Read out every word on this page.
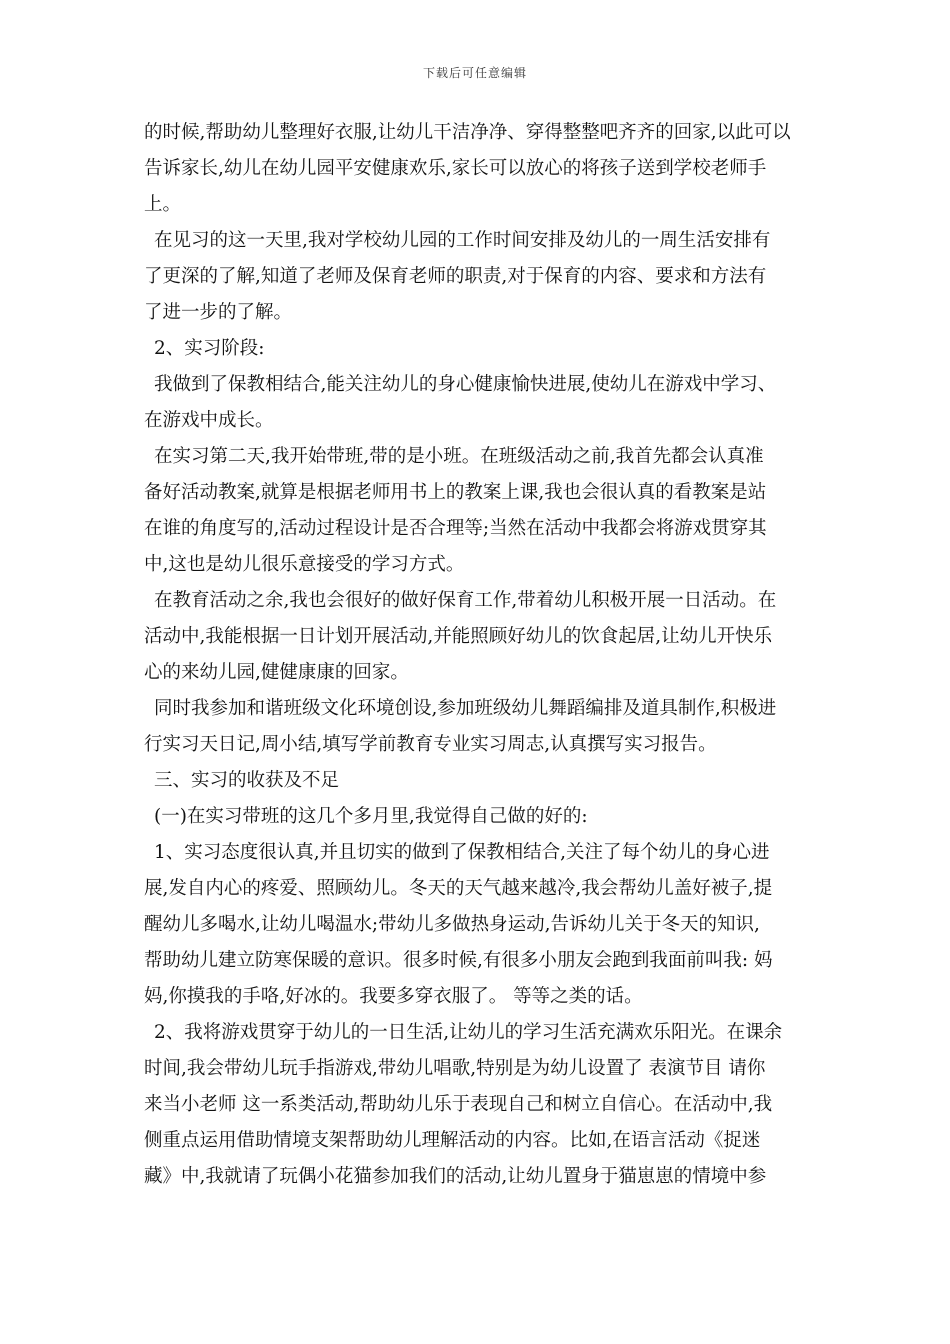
下载后可任意编辑
的时候,帮助幼儿整理好衣服,让幼儿干洁净净、穿得整整吧齐齐的回家,以此可以
告诉家长,幼儿在幼儿园平安健康欢乐,家长可以放心的将孩子送到学校老师手
上。
在见习的这一天里,我对学校幼儿园的工作时间安排及幼儿的一周生活安排有
了更深的了解,知道了老师及保育老师的职责,对于保育的内容、要求和方法有
了进一步的了解。
2、实习阶段:
我做到了保教相结合,能关注幼儿的身心健康愉快进展,使幼儿在游戏中学习、
在游戏中成长。
在实习第二天,我开始带班,带的是小班。在班级活动之前,我首先都会认真准
备好活动教案,就算是根据老师用书上的教案上课,我也会很认真的看教案是站
在谁的角度写的,活动过程设计是否合理等;当然在活动中我都会将游戏贯穿其
中,这也是幼儿很乐意接受的学习方式。
在教育活动之余,我也会很好的做好保育工作,带着幼儿积极开展一日活动。在
活动中,我能根据一日计划开展活动,并能照顾好幼儿的饮食起居,让幼儿开快乐
心的来幼儿园,健健康康的回家。
同时我参加和谐班级文化环境创设,参加班级幼儿舞蹈编排及道具制作,积极进
行实习天日记,周小结,填写学前教育专业实习周志,认真撰写实习报告。
三、实习的收获及不足
(一)在实习带班的这几个多月里,我觉得自己做的好的:
1、实习态度很认真,并且切实的做到了保教相结合,关注了每个幼儿的身心进
展,发自内心的疼爱、照顾幼儿。冬天的天气越来越冷,我会帮幼儿盖好被子,提
醒幼儿多喝水,让幼儿喝温水;带幼儿多做热身运动,告诉幼儿关于冬天的知识,
帮助幼儿建立防寒保暖的意识。很多时候,有很多小朋友会跑到我面前叫我: 妈
妈,你摸我的手咯,好冰的。我要多穿衣服了。 等等之类的话。
2、我将游戏贯穿于幼儿的一日生活,让幼儿的学习生活充满欢乐阳光。在课余
时间,我会带幼儿玩手指游戏,带幼儿唱歌,特别是为幼儿设置了 表演节目 请你
来当小老师 这一系类活动,帮助幼儿乐于表现自己和树立自信心。在活动中,我
侧重点运用借助情境支架帮助幼儿理解活动的内容。比如,在语言活动《捉迷
藏》中,我就请了玩偶小花猫参加我们的活动,让幼儿置身于猫崽崽的情境中参
